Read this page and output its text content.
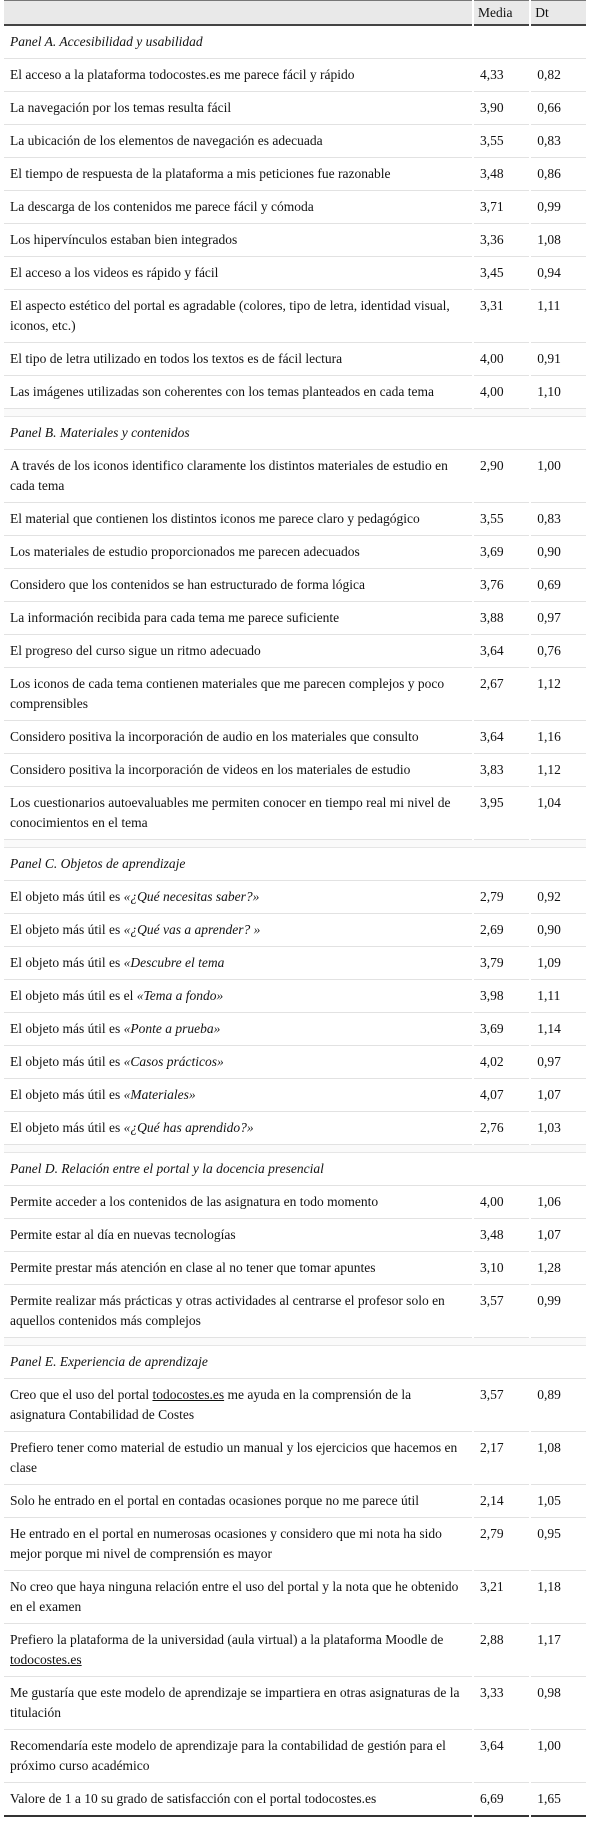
	Media	Dt
Panel A. Accesibilidad y usabilidad		
El acceso a la plataforma todocostes.es me parece fácil y rápido	4,33	0,82
La navegación por los temas resulta fácil	3,90	0,66
La ubicación de los elementos de navegación es adecuada	3,55	0,83
El tiempo de respuesta de la plataforma a mis peticiones fue razonable	3,48	0,86
La descarga de los contenidos me parece fácil y cómoda	3,71	0,99
Los hipervínculos estaban bien integrados	3,36	1,08
El acceso a los videos es rápido y fácil	3,45	0,94
El aspecto estético del portal es agradable (colores, tipo de letra, identidad visual, iconos, etc.)	3,31	1,11
El tipo de letra utilizado en todos los textos es de fácil lectura	4,00	0,91
Las imágenes utilizadas son coherentes con los temas planteados en cada tema	4,00	1,10

Panel B. Materiales y contenidos		
A través de los iconos identifico claramente los distintos materiales de estudio en cada tema	2,90	1,00
El material que contienen los distintos iconos me parece claro y pedagógico	3,55	0,83
Los materiales de estudio proporcionados me parecen adecuados	3,69	0,90
Considero que los contenidos se han estructurado de forma lógica	3,76	0,69
La información recibida para cada tema me parece suficiente	3,88	0,97
El progreso del curso sigue un ritmo adecuado	3,64	0,76
Los iconos de cada tema contienen materiales que me parecen complejos y poco comprensibles	2,67	1,12
Considero positiva la incorporación de audio en los materiales que consulto	3,64	1,16
Considero positiva la incorporación de videos en los materiales de estudio	3,83	1,12
Los cuestionarios autoevaluables me permiten conocer en tiempo real mi nivel de conocimientos en el tema	3,95	1,04

Panel C. Objetos de aprendizaje		
El objeto más útil es «¿Qué necesitas saber?»	2,79	0,92
El objeto más útil es «¿Qué vas a aprender? »	2,69	0,90
El objeto más útil es «Descubre el tema	3,79	1,09
El objeto más útil es el «Tema a fondo»	3,98	1,11
El objeto más útil es «Ponte a prueba»	3,69	1,14
El objeto más útil es «Casos prácticos»	4,02	0,97
El objeto más útil es «Materiales»	4,07	1,07
El objeto más útil es «¿Qué has aprendido?»	2,76	1,03

Panel D. Relación entre el portal y la docencia presencial		
Permite acceder a los contenidos de las asignatura en todo momento	4,00	1,06
Permite estar al día en nuevas tecnologías	3,48	1,07
Permite prestar más atención en clase al no tener que tomar apuntes	3,10	1,28
Permite realizar más prácticas y otras actividades al centrarse el profesor solo en aquellos contenidos más complejos	3,57	0,99

Panel E. Experiencia de aprendizaje		
Creo que el uso del portal todocostes.es me ayuda en la comprensión de la asignatura Contabilidad de Costes	3,57	0,89
Prefiero tener como material de estudio un manual y los ejercicios que hacemos en clase	2,17	1,08
Solo he entrado en el portal en contadas ocasiones porque no me parece útil	2,14	1,05
He entrado en el portal en numerosas ocasiones y considero que mi nota ha sido mejor porque mi nivel de comprensión es mayor	2,79	0,95
No creo que haya ninguna relación entre el uso del portal y la nota que he obtenido en el examen	3,21	1,18
Prefiero la plataforma de la universidad (aula virtual) a la plataforma Moodle de todocostes.es	2,88	1,17
Me gustaría que este modelo de aprendizaje se impartiera en otras asignaturas de la titulación	3,33	0,98
Recomendaría este modelo de aprendizaje para la contabilidad de gestión para el próximo curso académico	3,64	1,00
Valore de 1 a 10 su grado de satisfacción con el portal todocostes.es	6,69	1,65
